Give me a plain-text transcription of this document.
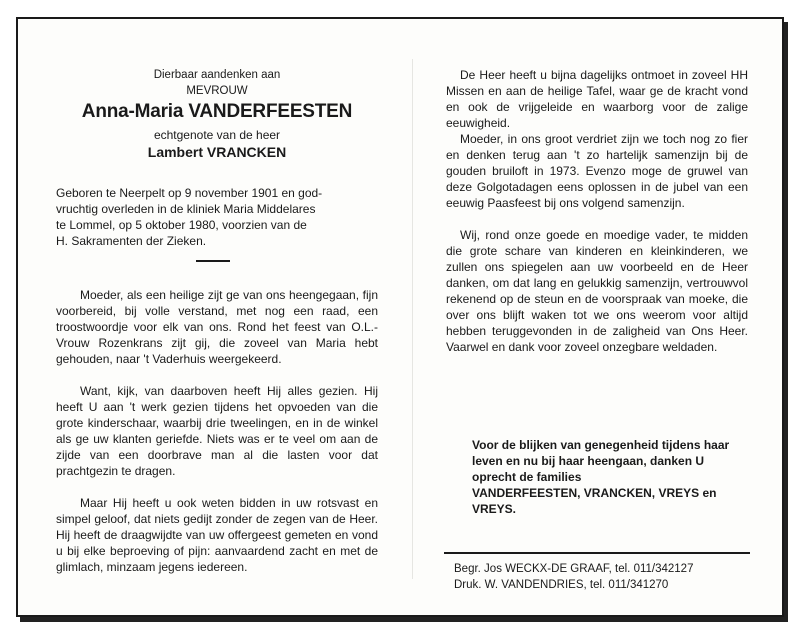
Dierbaar aandenken aan

MEVROUW

Anna-Maria VANDERFEESTEN

echtgenote van de heer

Lambert VRANCKEN

Geboren te Neerpelt op 9 november 1901 en god-

vruchtig overleden in de kliniek Maria Middelares

te Lommel, op 5 oktober 1980, voorzien van de

H. Sakramenten der Zieken.

Moeder, als een heilige zijt ge van ons heengegaan, fijn voorbereid, bij volle verstand, met nog een raad, een troostwoordje voor elk van ons. Rond het feest van O.L.-Vrouw Rozenkrans zijt gij, die zoveel van Maria hebt gehouden, naar 't Vaderhuis weergekeerd.

Want, kijk, van daarboven heeft Hij alles gezien. Hij heeft U aan 't werk gezien tijdens het opvoeden van die grote kinderschaar, waarbij drie tweelingen, en in de winkel als ge uw klanten geriefde. Niets was er te veel om aan de zijde van een doorbrave man al die lasten voor dat prachtgezin te dragen.

Maar Hij heeft u ook weten bidden in uw rotsvast en simpel geloof, dat niets gedijt zonder de zegen van de Heer. Hij heeft de draagwijdte van uw offergeest gemeten en vond u bij elke beproeving of pijn: aanvaardend zacht en met de glimlach, minzaam jegens iedereen.

De Heer heeft u bijna dagelijks ontmoet in zoveel HH Missen en aan de heilige Tafel, waar ge de kracht vond en ook de vrijgeleide en waarborg voor de zalige eeuwigheid.

Moeder, in ons groot verdriet zijn we toch nog zo fier en denken terug aan 't zo hartelijk samenzijn bij de gouden bruiloft in 1973. Evenzo moge de gruwel van deze Golgotadagen eens oplossen in de jubel van een eeuwig Paasfeest bij ons volgend samenzijn.

Wij, rond onze goede en moedige vader, te midden die grote schare van kinderen en kleinkinderen, we zullen ons spiegelen aan uw voorbeeld en de Heer danken, om dat lang en gelukkig samenzijn, vertrouwvol rekenend op de steun en de voorspraak van moeke, die over ons blijft waken tot we ons weerom voor altijd hebben teruggevonden in de zaligheid van Ons Heer. Vaarwel en dank voor zoveel onzegbare weldaden.

Voor de blijken van genegenheid tijdens haar

leven en nu bij haar heengaan, danken U

oprecht de families

VANDERFEESTEN, VRANCKEN, VREYS en

VREYS.

Begr. Jos WECKX-DE GRAAF, tel. 011/342127

Druk. W. VANDENDRIES, tel. 011/341270
